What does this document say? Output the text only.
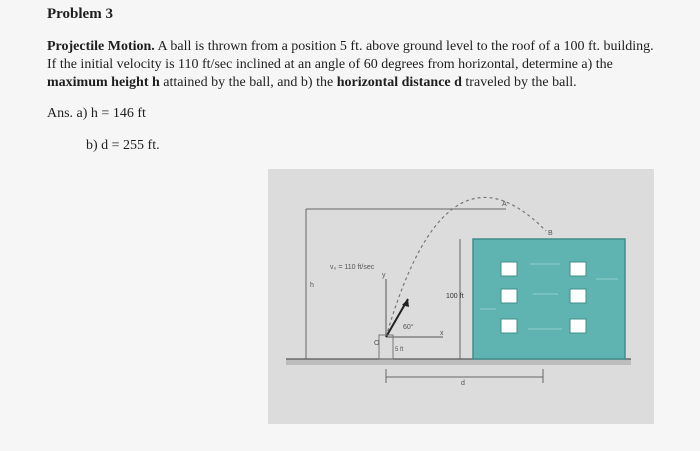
Problem 3
Projectile Motion. A ball is thrown from a position 5 ft. above ground level to the roof of a 100 ft. building. If the initial velocity is 110 ft/sec inclined at an angle of 60 degrees from horizontal, determine a) the maximum height h attained by the ball, and b) the horizontal distance d traveled by the ball.
Ans. a) h = 146 ft
b) d = 255 ft.
v₀ = 110 ft/sec
60°
5 ft
100 ft
h
d
A
B
O
x
y
